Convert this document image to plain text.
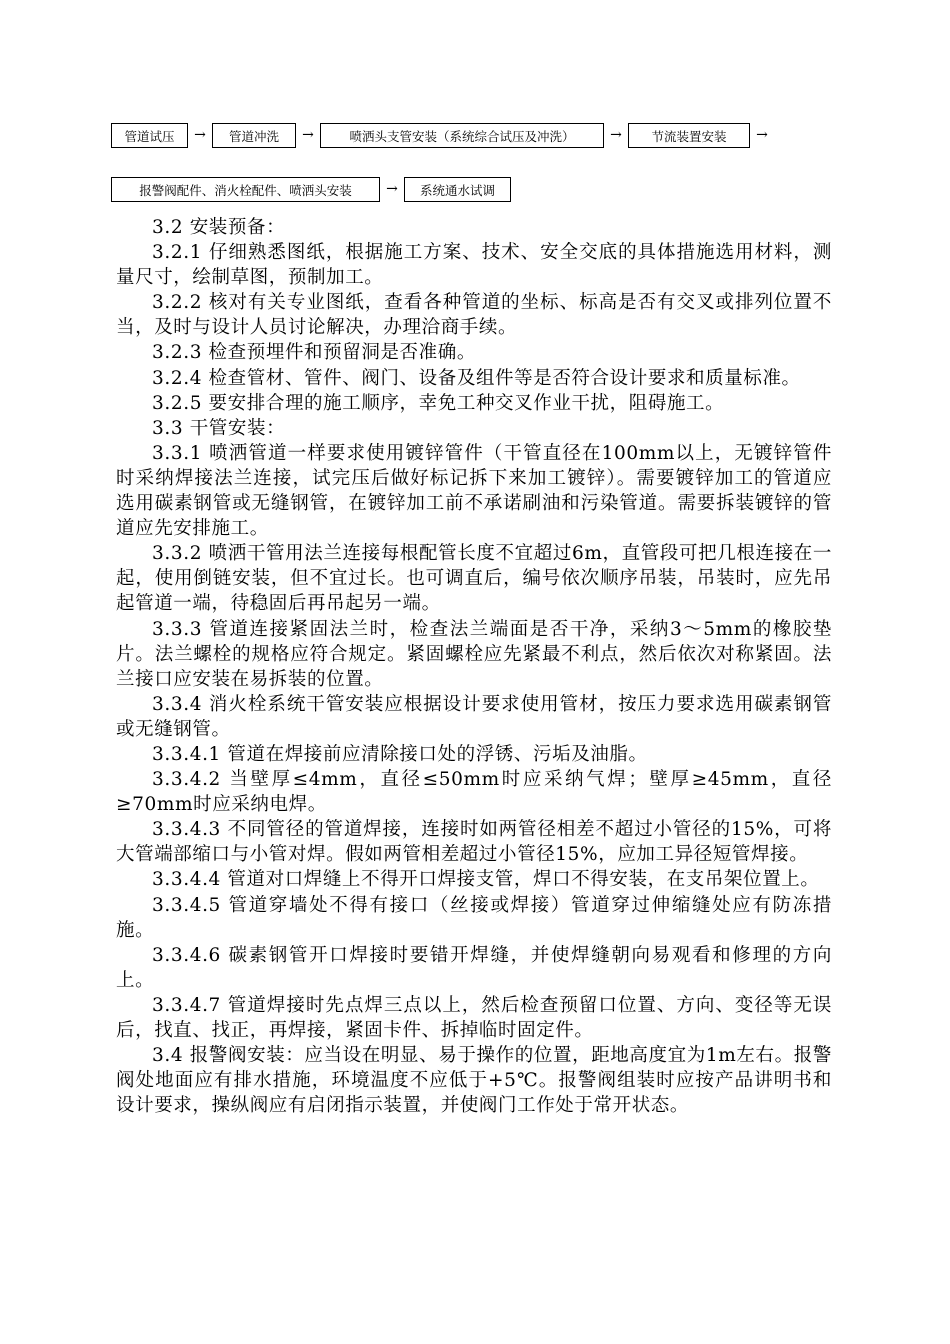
管道试压	→	管道冲洗	→	喷洒头支管安装（系统综合试压及冲洗）	→	节流装置安装	→
报警阀配件、消火栓配件、喷洒头安装	→	系统通水试调

3.2 安装预备：

3.2.1 仔细熟悉图纸，根据施工方案、技术、安全交底的具体措施选用材料，测量尺寸，绘制草图，预制加工。

3.2.2 核对有关专业图纸，查看各种管道的坐标、标高是否有交叉或排列位置不当，及时与设计人员讨论解决，办理洽商手续。

3.2.3 检查预埋件和预留洞是否准确。

3.2.4 检查管材、管件、阀门、设备及组件等是否符合设计要求和质量标准。

3.2.5 要安排合理的施工顺序，幸免工种交叉作业干扰，阻碍施工。

3.3 干管安装：

3.3.1 喷洒管道一样要求使用镀锌管件（干管直径在100mm以上，无镀锌管件时采纳焊接法兰连接，试完压后做好标记拆下来加工镀锌）。需要镀锌加工的管道应选用碳素钢管或无缝钢管，在镀锌加工前不承诺刷油和污染管道。需要拆装镀锌的管道应先安排施工。

3.3.2 喷洒干管用法兰连接每根配管长度不宜超过6m，直管段可把几根连接在一起，使用倒链安装，但不宜过长。也可调直后，编号依次顺序吊装，吊装时，应先吊起管道一端，待稳固后再吊起另一端。

3.3.3 管道连接紧固法兰时，检查法兰端面是否干净，采纳3～5mm的橡胶垫片。法兰螺栓的规格应符合规定。紧固螺栓应先紧最不利点，然后依次对称紧固。法兰接口应安装在易拆装的位置。

3.3.4 消火栓系统干管安装应根据设计要求使用管材，按压力要求选用碳素钢管或无缝钢管。

3.3.4.1 管道在焊接前应清除接口处的浮锈、污垢及油脂。

3.3.4.2 当壁厚≤4mm，直径≤50mm时应采纳气焊；壁厚≥45mm，直径≥70mm时应采纳电焊。

3.3.4.3 不同管径的管道焊接，连接时如两管径相差不超过小管径的15%，可将大管端部缩口与小管对焊。假如两管相差超过小管径15%，应加工异径短管焊接。

3.3.4.4 管道对口焊缝上不得开口焊接支管，焊口不得安装，在支吊架位置上。

3.3.4.5 管道穿墙处不得有接口（丝接或焊接）管道穿过伸缩缝处应有防冻措施。

3.3.4.6 碳素钢管开口焊接时要错开焊缝，并使焊缝朝向易观看和修理的方向上。

3.3.4.7 管道焊接时先点焊三点以上，然后检查预留口位置、方向、变径等无误后，找直、找正，再焊接，紧固卡件、拆掉临时固定件。

3.4 报警阀安装：应当设在明显、易于操作的位置，距地高度宜为1m左右。报警阀处地面应有排水措施，环境温度不应低于+5℃。报警阀组装时应按产品讲明书和设计要求，操纵阀应有启闭指示装置，并使阀门工作处于常开状态。
